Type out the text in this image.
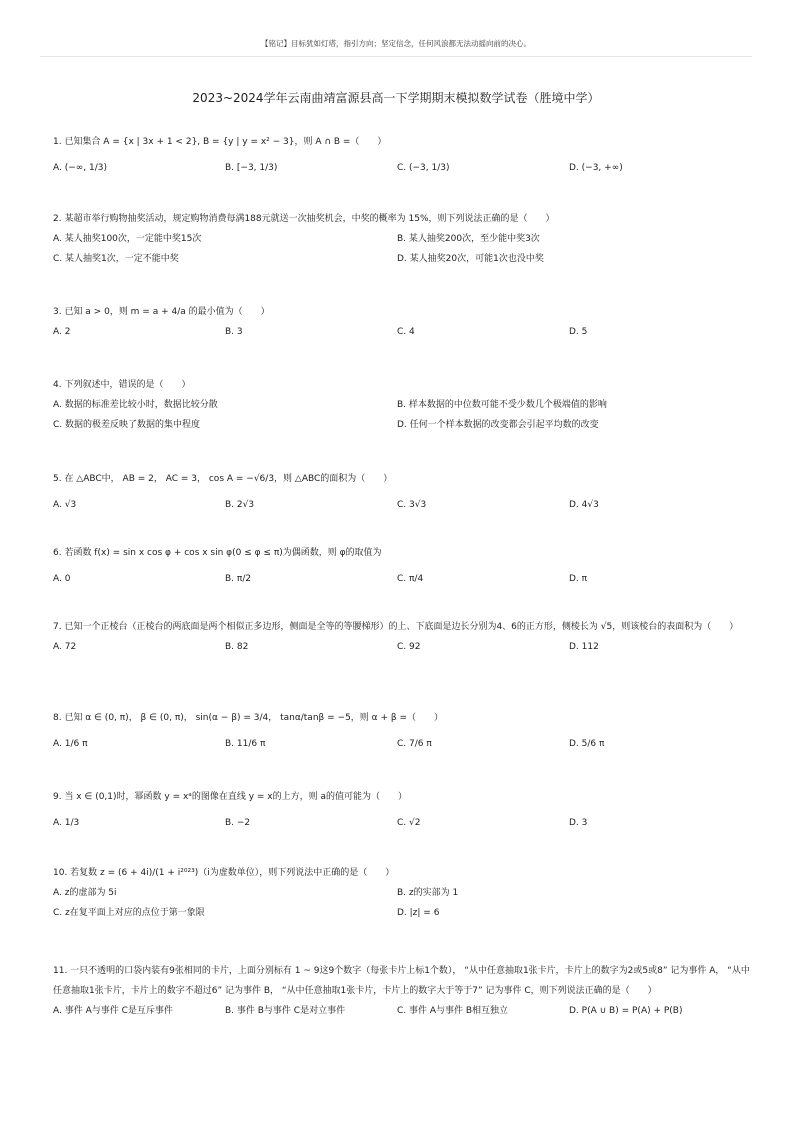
【铭记】目标犹如灯塔，指引方向；坚定信念，任何风浪都无法动摇向前的决心。
2023~2024学年云南曲靖富源县高一下学期期末模拟数学试卷（胜境中学）
1. 已知集合 A = {x | 3x + 1 < 2}, B = {y | y = x² − 3}，则 A ∩ B =（　　）
A. (−∞, 1/3)	B. [−3, 1/3)	C. (−3, 1/3)	D. (−3, +∞)
2. 某超市举行购物抽奖活动，规定购物消费每满188元就送一次抽奖机会，中奖的概率为 15%，则下列说法正确的是（　　）
A. 某人抽奖100次，一定能中奖15次	B. 某人抽奖200次，至少能中奖3次
C. 某人抽奖1次，一定不能中奖	D. 某人抽奖20次，可能1次也没中奖
3. 已知 a > 0，则 m = a + 4/a 的最小值为（　　）
A. 2	B. 3	C. 4	D. 5
4. 下列叙述中，错误的是（　　）
A. 数据的标准差比较小时，数据比较分散	B. 样本数据的中位数可能不受少数几个极端值的影响
C. 数据的极差反映了数据的集中程度	D. 任何一个样本数据的改变都会引起平均数的改变
5. 在 △ABC中， AB = 2， AC = 3， cos A = −√6/3，则 △ABC的面积为（　　）
A. √3	B. 2√3	C. 3√3	D. 4√3
6. 若函数 f(x) = sin x cos φ + cos x sin φ(0 ≤ φ ≤ π)为偶函数，则 φ的取值为
A. 0	B. π/2	C. π/4	D. π
7. 已知一个正棱台（正棱台的两底面是两个相似正多边形，侧面是全等的等腰梯形）的上、下底面是边长分别为4、6的正方形，侧棱长为 √5，则该棱台的表面积为（　　）
A. 72	B. 82	C. 92	D. 112
8. 已知 α ∈ (0, π)， β ∈ (0, π)， sin(α − β) = 3/4， tanα/tanβ = −5，则 α + β =（　　）
A. 1/6 π	B. 11/6 π	C. 7/6 π	D. 5/6 π
9. 当 x ∈ (0,1)时，幂函数 y = xᵃ的图像在直线 y = x的上方，则 a的值可能为（　　）
A. 1/3	B. −2	C. √2	D. 3
10. 若复数 z = (6 + 4i)/(1 + i²⁰²³)（i为虚数单位），则下列说法中正确的是（　　）
A. z的虚部为 5i	B. z的实部为 1
C. z在复平面上对应的点位于第一象限	D. |z| = 6
11. 一只不透明的口袋内装有9张相同的卡片，上面分别标有 1 ~ 9这9个数字（每张卡片上标1个数）， “从中任意抽取1张卡片，卡片上的数字为2或5或8” 记为事件 A， “从中任意抽取1张卡片，卡片上的数字不超过6” 记为事件 B， “从中任意抽取1张卡片，卡片上的数字大于等于7” 记为事件 C，则下列说法正确的是（　　）
A. 事件 A与事件 C是互斥事件	B. 事件 B与事件 C是对立事件	C. 事件 A与事件 B相互独立	D. P(A ∪ B) = P(A) + P(B)
